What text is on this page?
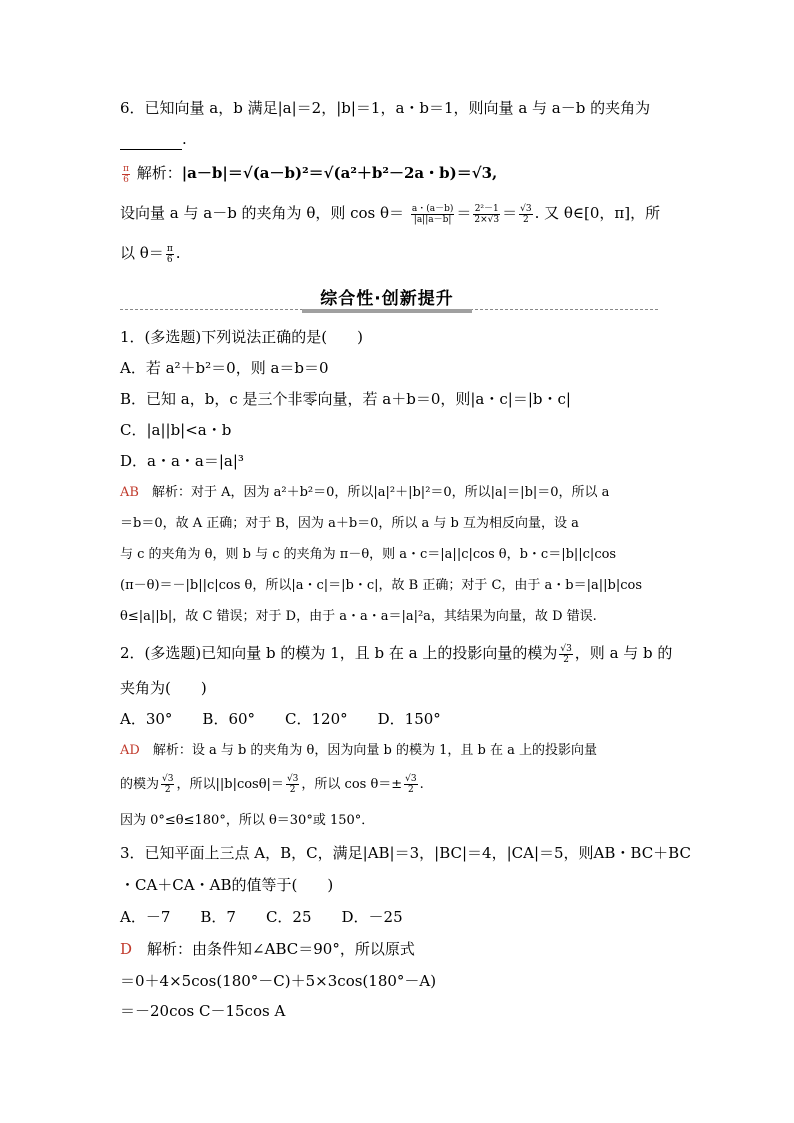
6．已知向量 a，b 满足|a|＝2，|b|＝1，a・b＝1，则向量 a 与 a－b 的夹角为
.
$\frac{\pi}{6}$ 解析：|a－b|＝√(a－b)²＝√(a²＋b²－2a・b)＝√3,
设向量 a 与 a－b 的夹角为 θ，则 $\cos \theta= \frac{a・(a-b)}{|a||a-b|} = \frac{\text{2²－1}}{2\times√3} = \frac{√3}{2}$ . 又 θ∈[0，π]，所
以 $\theta= \frac{\pi}{6}$ .
综合性·创新提升
1．(多选题)下列说法正确的是(　　)
A．若 a²＋b²＝0，则 a＝b＝0
B．已知 a，b，c 是三个非零向量，若 a＋b＝0，则|a・c|＝|b・c|
C．|a||b|<a・b
D．a・a・a＝|a|³
AB　 解析：对于 A，因为 a²＋b²＝0，所以|a|²＋|b|²＝0，所以|a|＝|b|＝0，所以 a
＝b＝0，故 A 正确；对于 B，因为 a＋b＝0，所以 a 与 b 互为相反向量，设 a
与 c 的夹角为 θ，则 b 与 c 的夹角为 π－θ，则 a・c＝|a||c|cos θ，b・c＝|b||c|cos
(π－θ)＝－|b||c|cos θ，所以|a・c|＝|b・c|，故 B 正确；对于 C，由于 a・b＝|a||b|cos
θ≤|a||b|，故 C 错误；对于 D，由于 a・a・a＝|a|²a，其结果为向量，故 D 错误.
2．(多选题)已知向量 b 的模为 1，且 b 在 a 上的投影向量的模为 $\frac{√3}{2}$ ，则 a 与 b 的
夹角为(　　)
A．30°　　B．60°　　C．120°　　D．150°
AD　 解析：设 a 与 b 的夹角为 θ，因为向量 b 的模为 1，且 b 在 a 上的投影向量
的模为 $\frac{√3}{2}$ ，所以$||b|\cos\theta|= \frac{√3}{2}$ ，所以 $\cos \theta=\pm \frac{√3}{2}$ .
因为 0°≤θ≤180°，所以 θ＝30°或 150°．
3．已知平面上三点 A，B，C，满足|AB|＝3，|BC|＝4，|CA|＝5，则AB・BC＋BC
・CA＋CA・AB的值等于(　　)
A．－7　　B．7　　C．25　　D．－25
D　 解析：由条件知∠ABC＝90°，所以原式
＝0＋4×5cos(180°－C)＋5×3cos(180°－A)
＝－20cos C－15cos A
